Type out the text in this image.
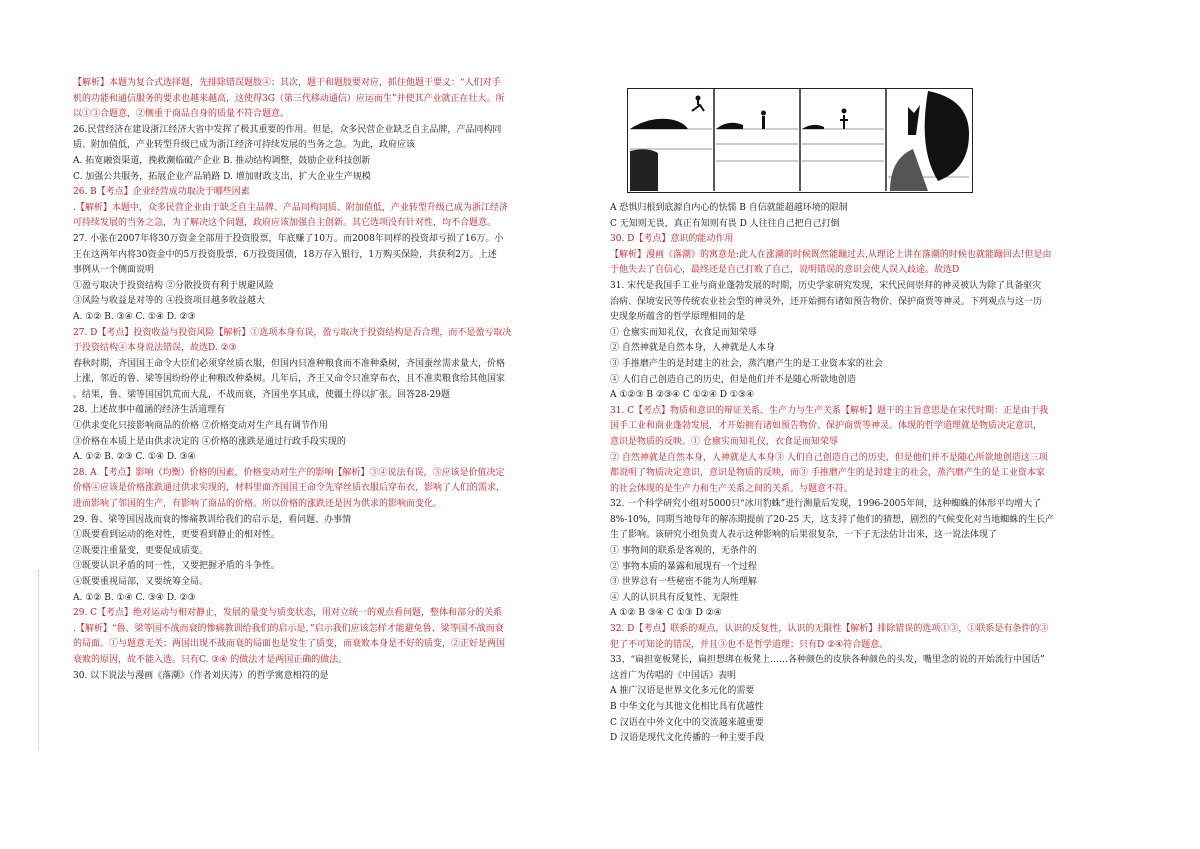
【解析】本题为复合式选择题，先排除错误题肢④；其次，题干和题肢要对应，抓住他题干要义：“人们对手
机的功能和通信服务的要求也越来越高，这使得3G（第三代移动通信）应运而生”并使其产业就正在壮大。所
以①③合题意，②侧重于商品自身的质量不符合题意。
26.民营经济在建设浙江经济大省中发挥了极其重要的作用。但是，众多民营企业缺乏自主品牌，产品同构同
质、附加值低，产业转型升级已成为浙江经济可持续发展的当务之急。为此，政府应该
A. 拓宽融资渠道，挽救濒临破产企业 B. 推动结构调整，鼓励企业科技创新
C. 加强公共服务，拓展企业产品销路 D. 增加财政支出，扩大企业生产规模
26. B【考点】企业经营成功取决于哪些因素
.【解析】本题中，众多民营企业由于缺乏自主品牌、产品同构同质、附加值低，产业转型升级已成为浙江经济
可持续发展的当务之急，为了解决这个问题，政府应该加强自主创新。其它选项没有针对性，均不合题意。
27. 小张在2007年将30万资金全部用于投资股票，年底赚了10万。而2008年同样的投资却亏损了16万。小
王在这两年内将30资金中的5万投资股票，6万投资国债，18万存入银行，1万购买保险，共获利2万。上述
事例从一个侧面说明
①盈亏取决于投资结构 ②分散投资有利于规避风险
③风险与收益是对等的 ④投资项目越多收益越大
A. ①② B. ③④ C. ①④ D. ②③
27. D【考点】投资收益与投资风险【解析】①选项本身有误，盈亏取决于投资结构是否合理，而不是盈亏取决
于投资结构④本身说法错误，故选D. ②③
春秋时期，齐国国王命令大臣们必须穿丝质衣服，但国内只准种粮食而不准种桑树，齐国蚕丝需求量大，价格
上涨，邻近的鲁、梁等国纷纷停止种粮改种桑树。几年后，齐王又命令只准穿布衣，且不准卖粮食给其他国家
。结果，鲁、梁等国国饥荒而大乱，不战而衰，齐国坐享其成，使疆土得以扩张。回答28-29题
28. 上述故事中蕴涵的经济生活道理有
①供求变化只接影响商品的价格 ②价格变动对生产具有调节作用
③价格在本质上是由供求决定的 ④价格的涨跌是通过行政手段实现的
A. ①② B. ②③ C. ①④ D. ③④
28. A 【考点】影响（均衡）价格的因素，价格变动对生产的影响【解析】③④说法有误，③应该是价值决定
价格④应该是价格涨跌通过供求实现的，材料里面齐国国王命令先穿丝质衣服后穿布衣，影响了人们的需求，
进而影响了邻国的生产，有影响了商品的价格。所以价格的涨跌还是因为供求的影响而变化。
29. 鲁、梁等国因战而衰的惨痛教训给我们的启示是，看问题、办事情
①既要看到运动的绝对性，更要看到静止的相对性。
②既要注重量变，更要促成质变。
③既要认识矛盾的同一性，又要把握矛盾的斗争性。
④既要重视局部，又要统筹全局。
A. ①② B. ①④ C. ③④ D. ②③
29. C【考点】绝对运动与相对静止，发展的量变与质变状态，用对立统一的观点看问题，整体和部分的关系
.【解析】“鲁、梁等国不战而衰的惨痛教训给我们的启示是，”启示我们应该怎样才能避免鲁、梁等国不战而衰
的局面。①与题意无关；两国出现不战而衰的局面也是发生了质变，而衰败本身是不好的质变，②正好是两国
衰败的原因，故不能入选。只有C. ③④ 的做法才是两国正确的做法。
30. 以下说法与漫画《落潮》（作者刘庆涛）的哲学寓意相符的是
A 恐惧归根到底源自内心的怯懦 B 自信就能超越环境的限制
C 无知则无畏，真正有知则有畏 D 人往往自己把自己打倒
30. D【考点】意识的能动作用
【解析】漫画《落潮》的寓意是:此人在涨潮的时候既然能蹦过去,从理论上讲在落潮的时候也就能蹦回去!但是由
于他失去了自信心，最终还是自己打败了自己，说明错误的意识会使人误入歧途。故选D
31. 宋代是我国手工业与商业蓬勃发展的时期，历史学家研究发现，宋代民间崇拜的神灵被认为除了具备驱灾
治病、保境安民等传统农业社会型的神灵外，还开始拥有诸如预告物价、保护商贾等神灵。下列观点与这一历
史现象所蕴含的哲学原理相同的是
① 仓廪实而知礼仪，衣食足而知荣辱
② 自然神就是自然本身，人神就是人本身
③ 手推磨产生的是封建主的社会，蒸汽磨产生的是工业资本家的社会
④ 人们自己创造自己的历史，但是他们并不是随心所欲地创造
A ①②③ B ②③④ C ①②④ D ①③④
31. C【考点】物质和意识的辩证关系、生产力与生产关系【解析】题干的主旨意思是在宋代时期：正是由于我
国手工业和商业蓬勃发展，才开始拥有诸如预告物价、保护商贾等神灵。体现的哲学道理就是物质决定意识，
意识是物质的反映。① 仓廪实而知礼仪，衣食足而知荣辱
② 自然神就是自然本身，人神就是人本身③ 人们自己创造自己的历史，但是他们并不是随心所欲地创造这三项
都说明了物质决定意识，意识是物质的反映，而③ 手推磨产生的是封建主的社会，蒸汽磨产生的是工业资本家
的社会体现的是生产力和生产关系之间的关系。与题意不符。
32. 一个科学研究小组对5000只“冰川豹蛛”进行测量后发现，1996-2005年间，这种蜘蛛的体形平均增大了
8%-10%，同期当地每年的解冻期提前了20-25 天，这支持了他们的猜想，剧烈的气候变化对当地蜘蛛的生长产
生了影响。该研究小组负责人表示这种影响的后果很复杂，一下子无法估计出来，这一说法体现了
① 事物间的联系是客观的，无条件的
② 事物本质的暴露和展现有一个过程
③ 世界总有一些秘密不能为人所理解
④ 人的认识具有反复性、无限性
A ①② B ③④ C ①③ D ②④
32. D【考点】联系的观点，认识的反复性，认识的无限性【解析】排除错误的选项①③，①联系是有条件的③
犯了不可知论的错误，并且③也不是哲学道理；只有D ②④符合题意。
33、“扁担宽板凳长，扁担想绑在板凳上……各种颜色的皮肤各种颜色的头发，嘴里念的说的开始流行中国话”
这首广为传唱的《中国话》表明
A 推广汉语是世界文化多元化的需要
B 中华文化与其他文化相比具有优越性
C 汉语在中外文化中的交流越来越重要
D 汉语是现代文化传播的一种主要手段
